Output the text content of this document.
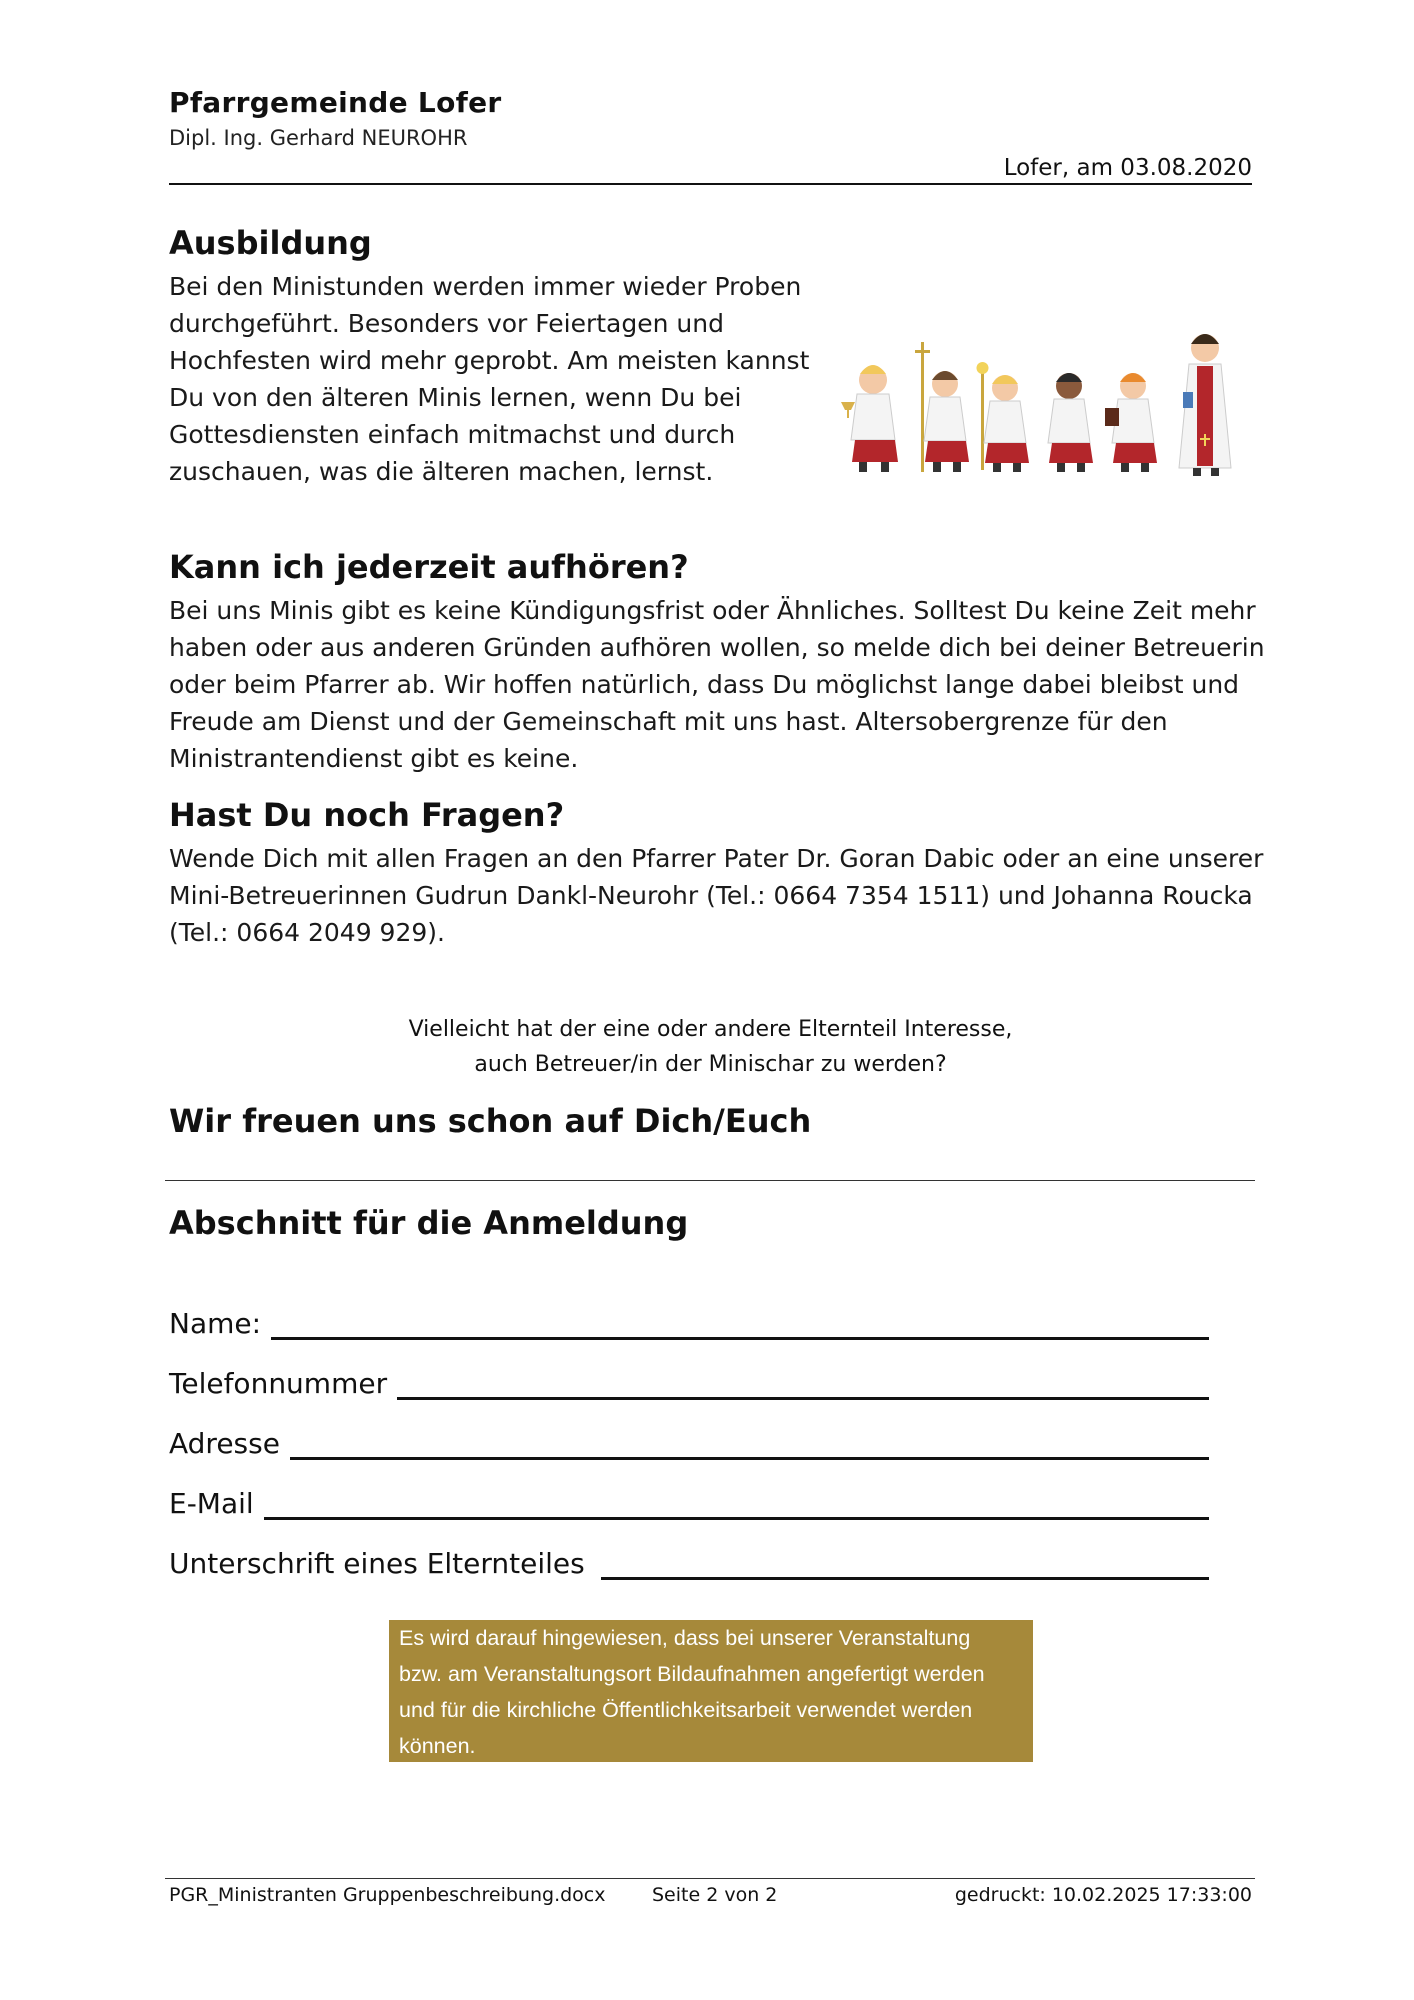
Pfarrgemeinde Lofer
Dipl. Ing. Gerhard NEUROHR
Lofer, am 03.08.2020
Ausbildung
Bei den Ministunden werden immer wieder Proben
durchgeführt. Besonders vor Feiertagen und
Hochfesten wird mehr geprobt. Am meisten kannst
Du von den älteren Minis lernen, wenn Du bei
Gottesdiensten einfach mitmachst und durch
zuschauen, was die älteren machen, lernst.
Kann ich jederzeit aufhören?
Bei uns Minis gibt es keine Kündigungsfrist oder Ähnliches. Solltest Du keine Zeit mehr
haben oder aus anderen Gründen aufhören wollen, so melde dich bei deiner Betreuerin
oder beim Pfarrer ab. Wir hoffen natürlich, dass Du möglichst lange dabei bleibst und
Freude am Dienst und der Gemeinschaft mit uns hast. Altersobergrenze für den
Ministrantendienst gibt es keine.
Hast Du noch Fragen?
Wende Dich mit allen Fragen an den Pfarrer Pater Dr. Goran Dabic oder an eine unserer
Mini-Betreuerinnen Gudrun Dankl-Neurohr (Tel.: 0664 7354 1511) und Johanna Roucka
(Tel.: 0664 2049 929).
Vielleicht hat der eine oder andere Elternteil Interesse,
auch Betreuer/in der Minischar zu werden?
Wir freuen uns schon auf Dich/Euch
Abschnitt für die Anmeldung
Name:
Telefonnummer
Adresse
E-Mail
Unterschrift eines Elternteiles
Es wird darauf hingewiesen, dass bei unserer Veranstaltung
bzw. am Veranstaltungsort Bildaufnahmen angefertigt werden
und für die kirchliche Öffentlichkeitsarbeit verwendet werden
können.
PGR_Ministranten Gruppenbeschreibung.docx Seite 2 von 2	gedruckt: 10.02.2025 17:33:00
